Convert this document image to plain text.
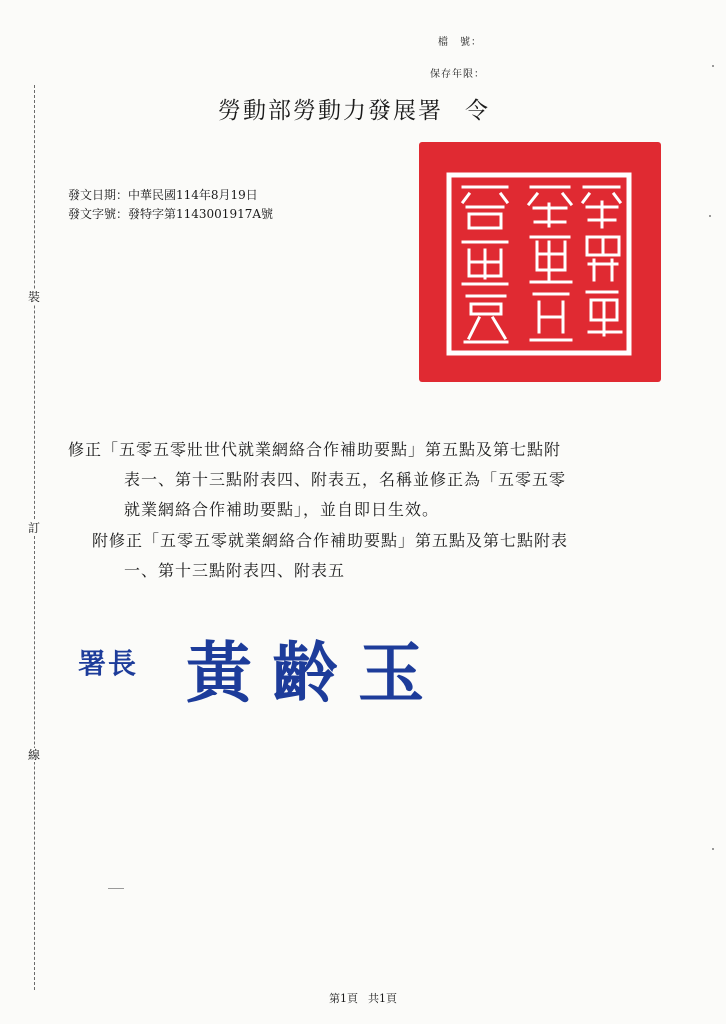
裝
訂
線
檔　號：
保存年限：
勞動部勞動力發展署 令
發文日期：中華民國114年8月19日
發文字號：發特字第1143001917A號
修正「五零五零壯世代就業網絡合作補助要點」第五點及第七點附
表一、第十三點附表四、附表五，名稱並修正為「五零五零
就業網絡合作補助要點」，並自即日生效。
附修正「五零五零就業網絡合作補助要點」第五點及第七點附表
一、第十三點附表四、附表五
署長 黃齡玉
第1頁 共1頁
